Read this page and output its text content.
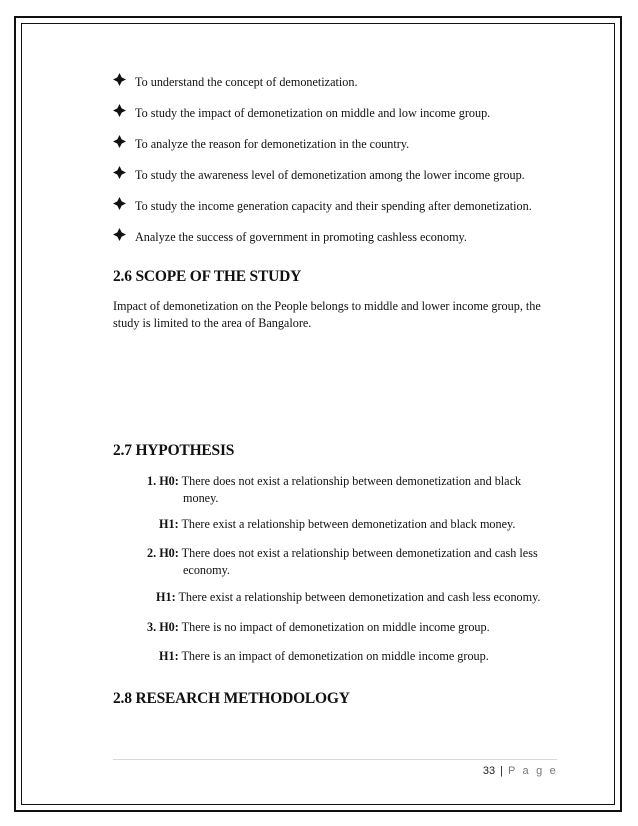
To understand the concept of demonetization.
To study the impact of demonetization on middle and low income group.
To analyze the reason for demonetization in the country.
To study the awareness level of demonetization among the lower income group.
To study the income generation capacity and their spending after demonetization.
Analyze the success of government in promoting cashless economy.
2.6 SCOPE OF THE STUDY
Impact of demonetization on the People belongs to middle and lower income group, the study is limited to the area of Bangalore.
2.7 HYPOTHESIS
1. H0: There does not exist a relationship between demonetization and black
money.
H1: There exist a relationship between demonetization and black money.
2. H0: There does not exist a relationship between demonetization and cash less
economy.
H1: There exist a relationship between demonetization and cash less economy.
3. H0: There is no impact of demonetization on middle income group.
H1: There is an impact of demonetization on middle income group.
2.8 RESEARCH METHODOLOGY
33 | P a g e
